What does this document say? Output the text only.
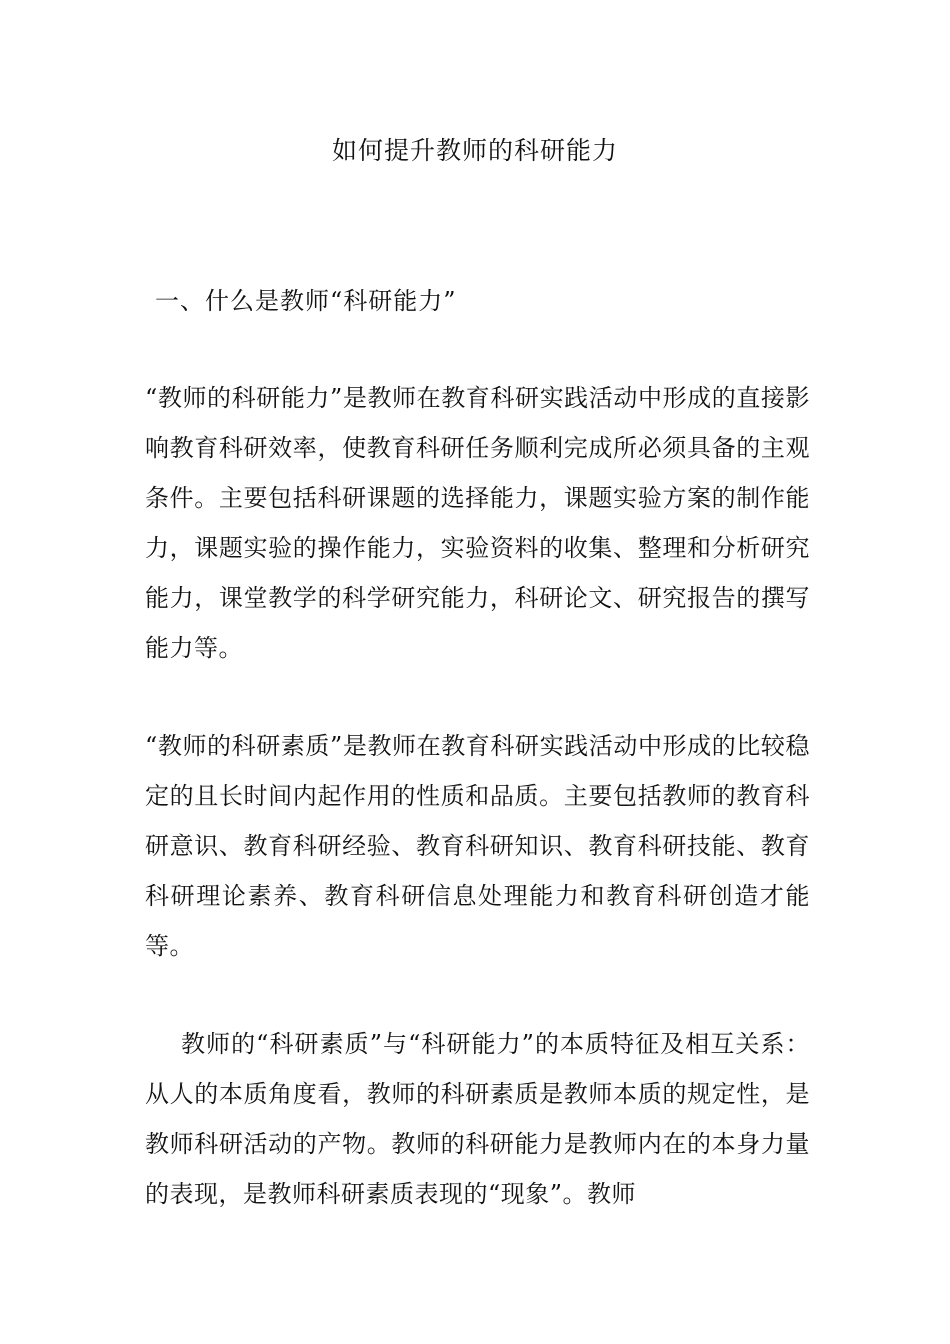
如何提升教师的科研能力
一、什么是教师“科研能力”
“教师的科研能力”是教师在教育科研实践活动中形成的直接影响教育科研效率，使教育科研任务顺利完成所必须具备的主观条件。主要包括科研课题的选择能力，课题实验方案的制作能力，课题实验的操作能力，实验资料的收集、整理和分析研究能力，课堂教学的科学研究能力，科研论文、研究报告的撰写能力等。
“教师的科研素质”是教师在教育科研实践活动中形成的比较稳定的且长时间内起作用的性质和品质。主要包括教师的教育科研意识、教育科研经验、教育科研知识、教育科研技能、教育科研理论素养、教育科研信息处理能力和教育科研创造才能等。
教师的“科研素质”与“科研能力”的本质特征及相互关系：从人的本质角度看，教师的科研素质是教师本质的规定性，是教师科研活动的产物。教师的科研能力是教师内在的本身力量的表现，是教师科研素质表现的“现象”。教师
